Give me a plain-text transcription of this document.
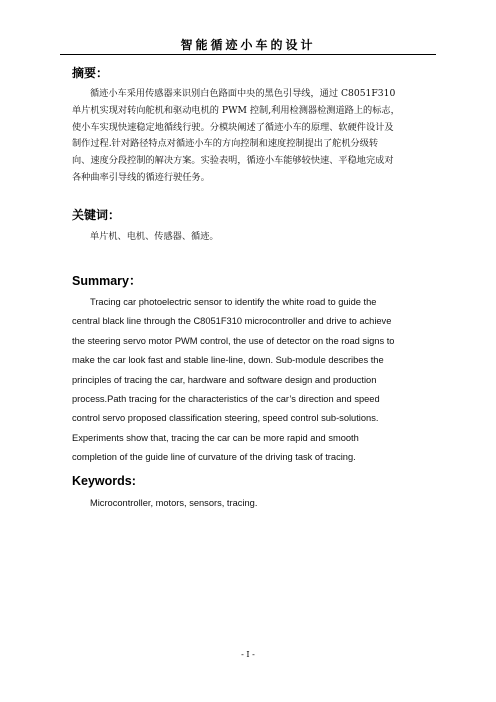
智能循迹小车的设计
摘要：
循迹小车采用传感器来识别白色路面中央的黑色引导线，通过 C8051F310
单片机实现对转向舵机和驱动电机的 PWM 控制,利用检测器检测道路上的标志，
使小车实现快速稳定地循线行驶。分模块阐述了循迹小车的原理、软硬件设计及
制作过程.针对路径特点对循迹小车的方向控制和速度控制提出了舵机分级转
向、速度分段控制的解决方案。实验表明，循迹小车能够较快速、平稳地完成对
各种曲率引导线的循迹行驶任务。
关键词：
单片机、电机、传感器、循迹。
Summary：
Tracing car photoelectric sensor to identify the white road to guide the
central black line through the C8051F310 microcontroller and drive to achieve
the steering servo motor PWM control, the use of detector on the road signs to
make the car look fast and stable line-line, down. Sub-module describes the
principles of tracing the car, hardware and software design and production
process.Path tracing for the characteristics of the car’s direction and speed
control servo proposed classification steering, speed control sub-solutions.
Experiments show that, tracing the car can be more rapid and smooth
completion of the guide line of curvature of the driving task of tracing.
Keywords:
Microcontroller, motors, sensors, tracing.
- I -
